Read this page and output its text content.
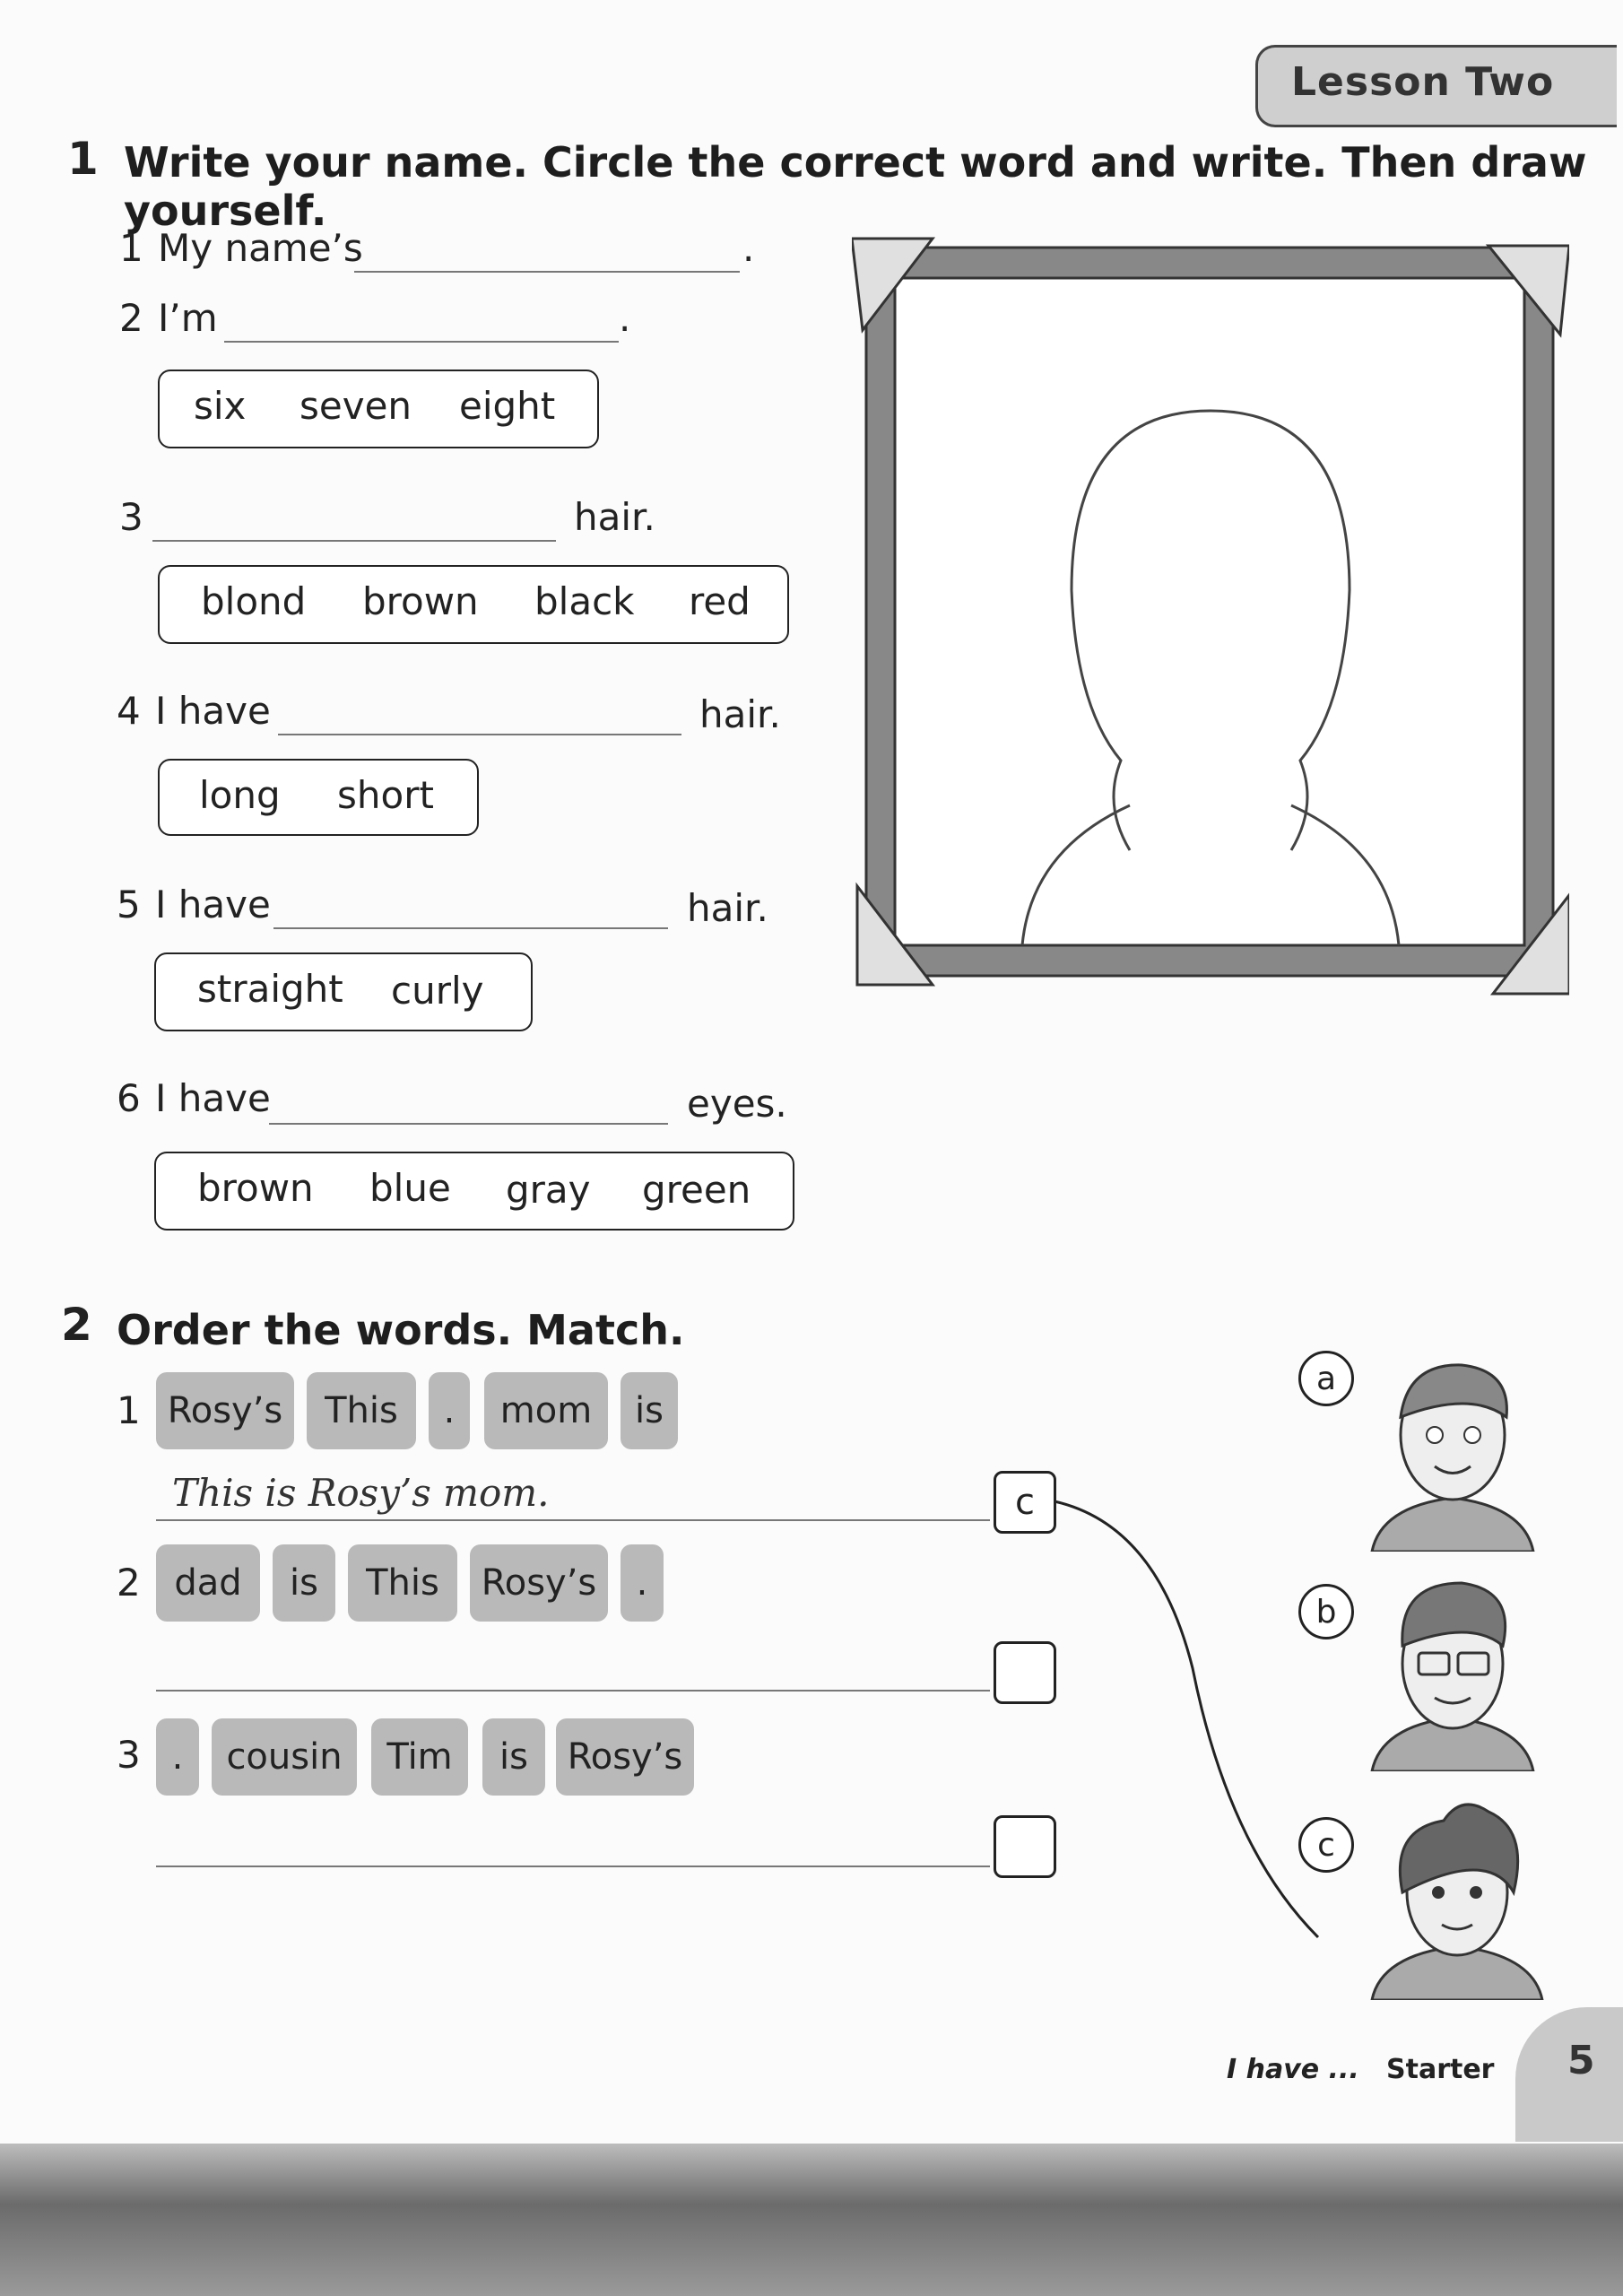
Lesson Two
1 Write your name. Circle the correct word and write. Then draw yourself.
1 My name’s	.
2 I’m	.
six seven eight
3	hair.
blond brown black red
4 I have	hair.
long short
5 I have	hair.
straight curly
6 I have	eyes.
brown blue gray green
2 Order the words. Match.
1 Rosy’s	This	.	mom	is
This is Rosy’s mom.	c
2 dad	is	This	Rosy’s	.
3 .	cousin	Tim	is	Rosy’s
a
b
c
I have ... Starter 5
